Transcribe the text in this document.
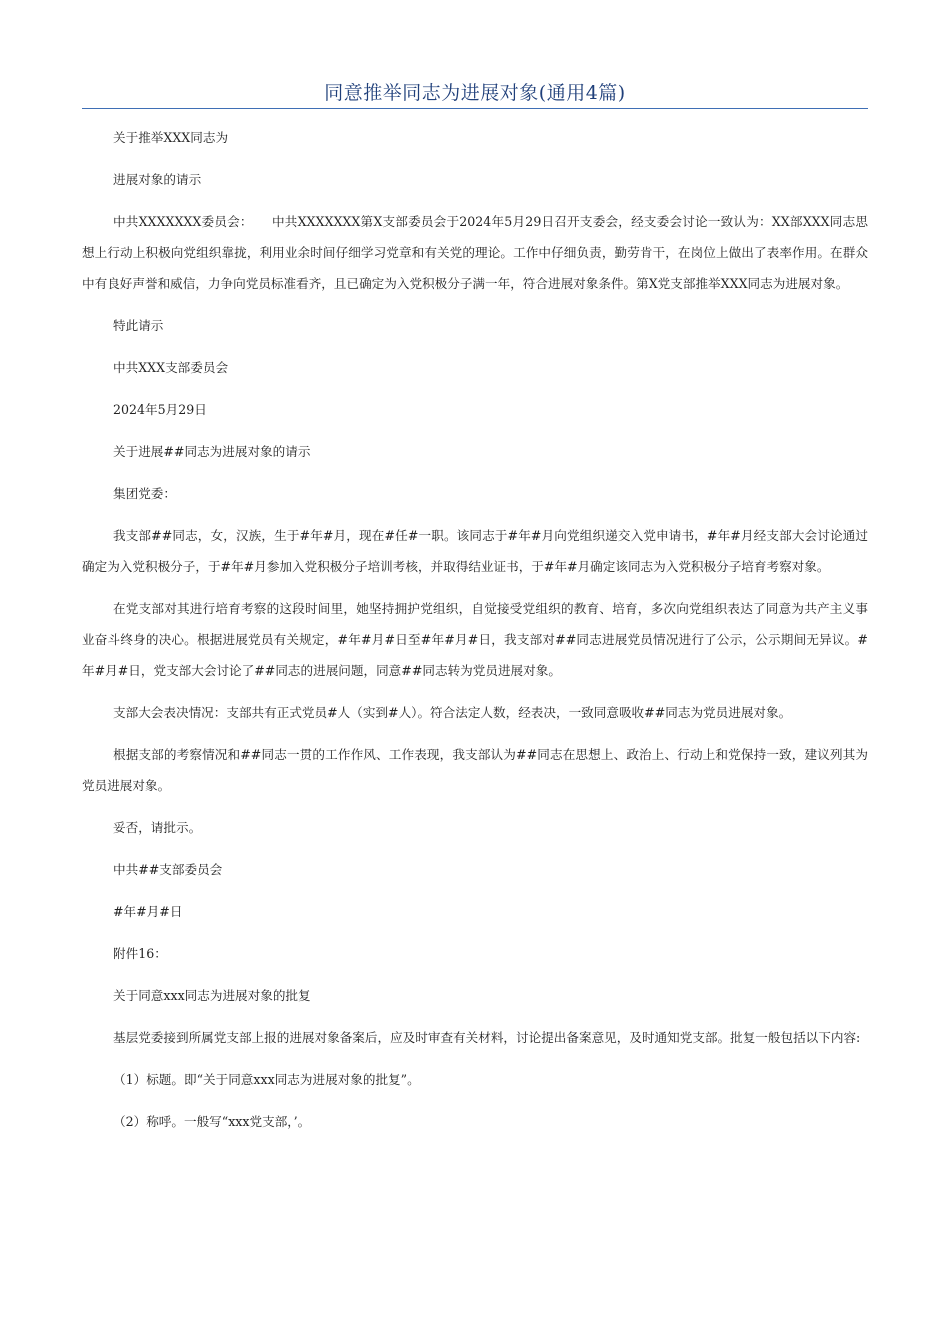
同意推举同志为进展对象(通用4篇)

关于推举XXX同志为

进展对象的请示

中共XXXXXXX委员会：　　中共XXXXXXX第X支部委员会于2024年5月29日召开支委会，经支委会讨论一致认为：XX部XXX同志思想上行动上积极向党组织靠拢，利用业余时间仔细学习党章和有关党的理论。工作中仔细负责，勤劳肯干，在岗位上做出了表率作用。在群众中有良好声誉和威信，力争向党员标准看齐，且已确定为入党积极分子满一年，符合进展对象条件。第X党支部推举XXX同志为进展对象。

特此请示

中共XXX支部委员会

2024年5月29日

关于进展##同志为进展对象的请示

集团党委：

我支部##同志，女，汉族，生于#年#月，现在#任#一职。该同志于#年#月向党组织递交入党申请书，#年#月经支部大会讨论通过确定为入党积极分子，于#年#月参加入党积极分子培训考核，并取得结业证书，于#年#月确定该同志为入党积极分子培育考察对象。

在党支部对其进行培育考察的这段时间里，她坚持拥护党组织，自觉接受党组织的教育、培育，多次向党组织表达了同意为共产主义事业奋斗终身的决心。根据进展党员有关规定，#年#月#日至#年#月#日，我支部对##同志进展党员情况进行了公示，公示期间无异议。#年#月#日，党支部大会讨论了##同志的进展问题，同意##同志转为党员进展对象。

支部大会表决情况：支部共有正式党员#人（实到#人）。符合法定人数，经表决，一致同意吸收##同志为党员进展对象。

根据支部的考察情况和##同志一贯的工作作风、工作表现，我支部认为##同志在思想上、政治上、行动上和党保持一致，建议列其为党员进展对象。

妥否，请批示。

中共##支部委员会

#年#月#日

附件16：

关于同意xxx同志为进展对象的批复

基层党委接到所属党支部上报的进展对象备案后，应及时审查有关材料，讨论提出备案意见，及时通知党支部。批复一般包括以下内容:

（1）标题。即“关于同意xxx同志为进展对象的批复”。

（2）称呼。一般写“xxx党支部，’。
